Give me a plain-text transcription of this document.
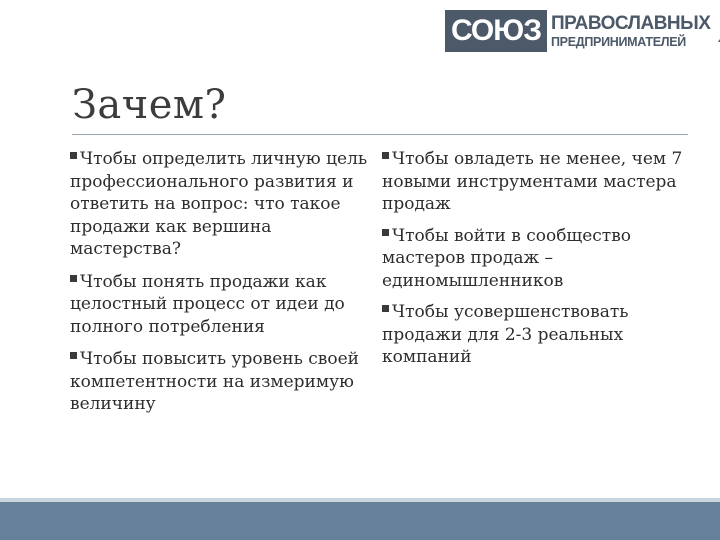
СОЮЗ ПРАВОСЛАВНЫХ
ПРЕДПРИНИМАТЕЛЕЙ
Зачем?

Чтобы определить личную цель профессионального развития и ответить на вопрос: что такое продажи как вершина мастерства?

Чтобы понять продажи как целостный процесс от идеи до полного потребления

Чтобы повысить уровень своей компетентности на измеримую величину

Чтобы овладеть не менее, чем 7 новыми инструментами мастера продаж

Чтобы войти в сообщество мастеров продаж – единомышленников

Чтобы усовершенствовать продажи для 2-3 реальных компаний
